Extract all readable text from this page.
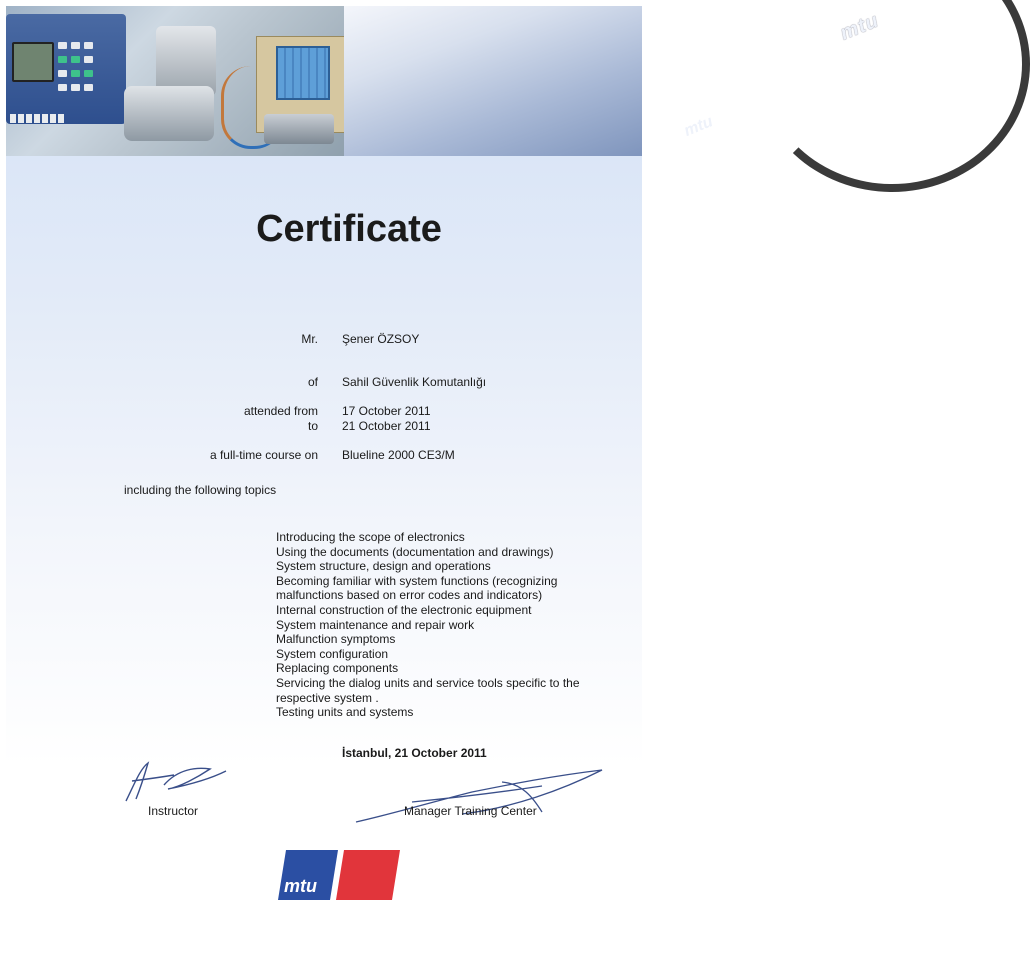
mtu
mtu
Certificate
Mr. Şener ÖZSOY
of Sahil Güvenlik Komutanlığı
attended from 17 October 2011
to 21 October 2011
a full-time course on Blueline 2000 CE3/M
including the following topics
Introducing the scope of electronics
Using the documents (documentation and drawings)
System structure, design and operations
Becoming familiar with system functions (recognizing
malfunctions based on error codes and indicators)
Internal construction of the electronic equipment
System maintenance and repair work
Malfunction symptoms
System configuration
Replacing components
Servicing the dialog units and service tools specific to the
respective system .
Testing units and systems
İstanbul, 21 October 2011
Instructor	Manager Training Center
mtu
